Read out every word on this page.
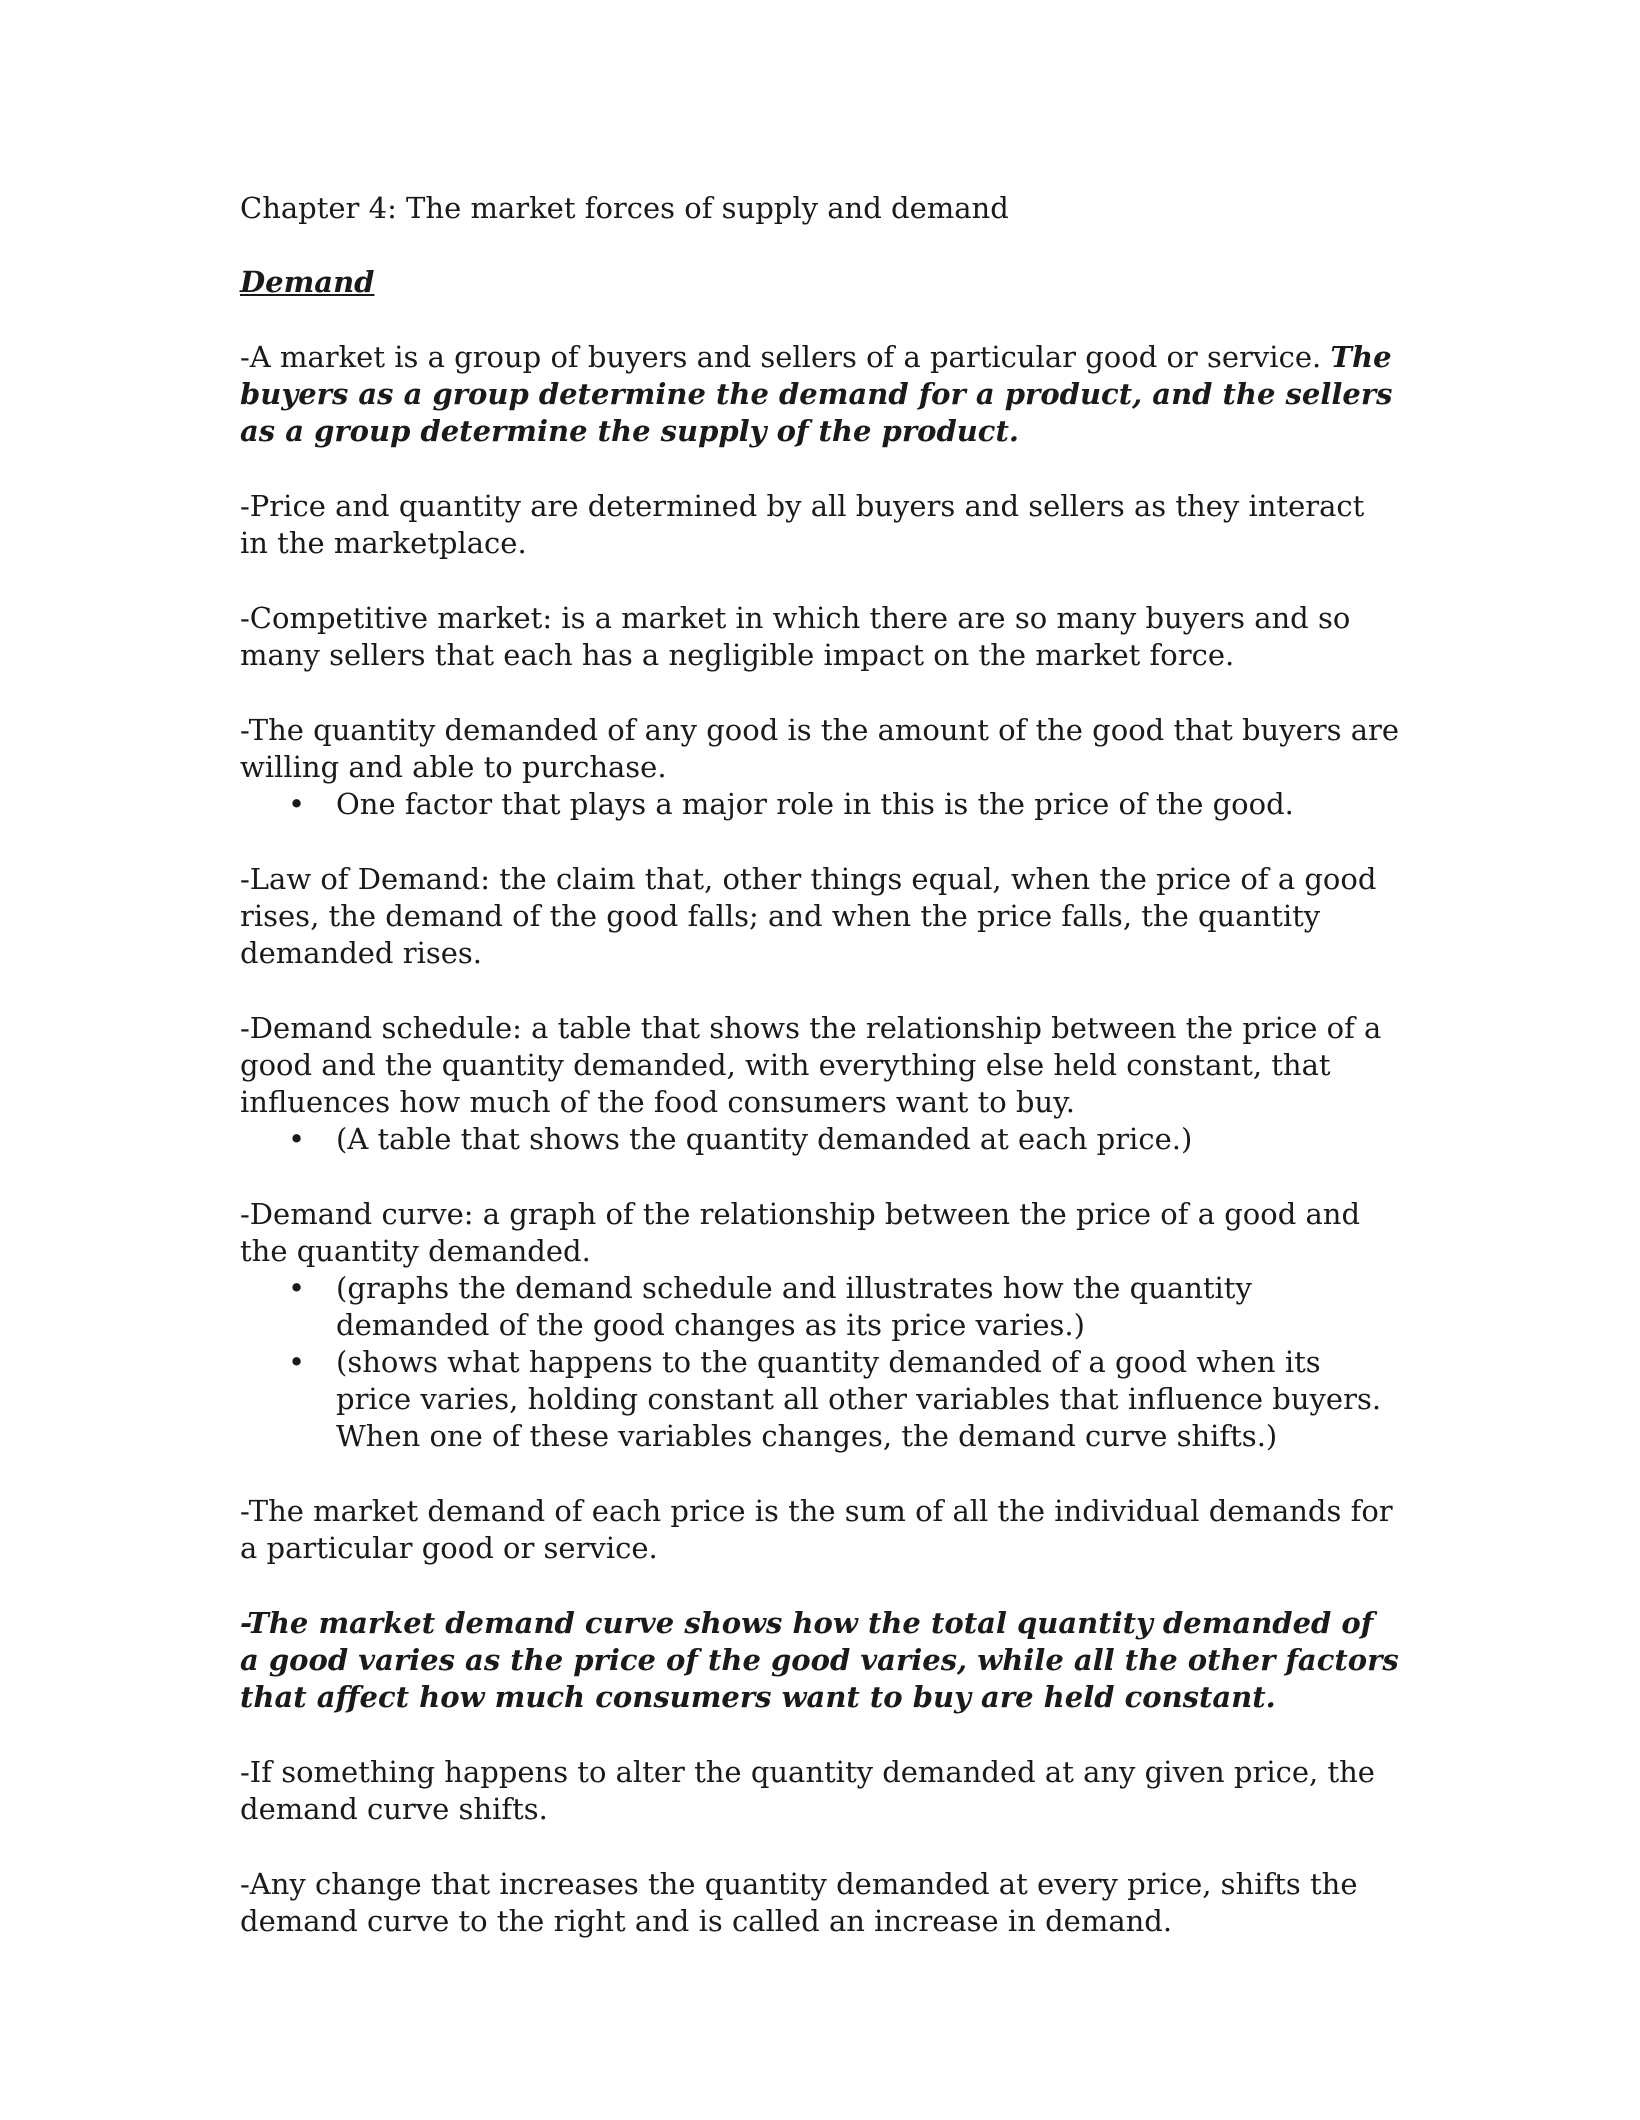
Chapter 4: The market forces of supply and demand
Demand
-A market is a group of buyers and sellers of a particular good or service. The buyers as a group determine the demand for a product, and the sellers as a group determine the supply of the product.
-Price and quantity are determined by all buyers and sellers as they interact in the marketplace.
-Competitive market: is a market in which there are so many buyers and so many sellers that each has a negligible impact on the market force.
-The quantity demanded of any good is the amount of the good that buyers are willing and able to purchase.
• One factor that plays a major role in this is the price of the good.
-Law of Demand: the claim that, other things equal, when the price of a good rises, the demand of the good falls; and when the price falls, the quantity demanded rises.
-Demand schedule: a table that shows the relationship between the price of a good and the quantity demanded, with everything else held constant, that influences how much of the food consumers want to buy.
• (A table that shows the quantity demanded at each price.)
-Demand curve: a graph of the relationship between the price of a good and the quantity demanded.
• (graphs the demand schedule and illustrates how the quantity demanded of the good changes as its price varies.)
• (shows what happens to the quantity demanded of a good when its price varies, holding constant all other variables that influence buyers. When one of these variables changes, the demand curve shifts.)
-The market demand of each price is the sum of all the individual demands for a particular good or service.
-The market demand curve shows how the total quantity demanded of a good varies as the price of the good varies, while all the other factors that affect how much consumers want to buy are held constant.
-If something happens to alter the quantity demanded at any given price, the demand curve shifts.
-Any change that increases the quantity demanded at every price, shifts the demand curve to the right and is called an increase in demand.
